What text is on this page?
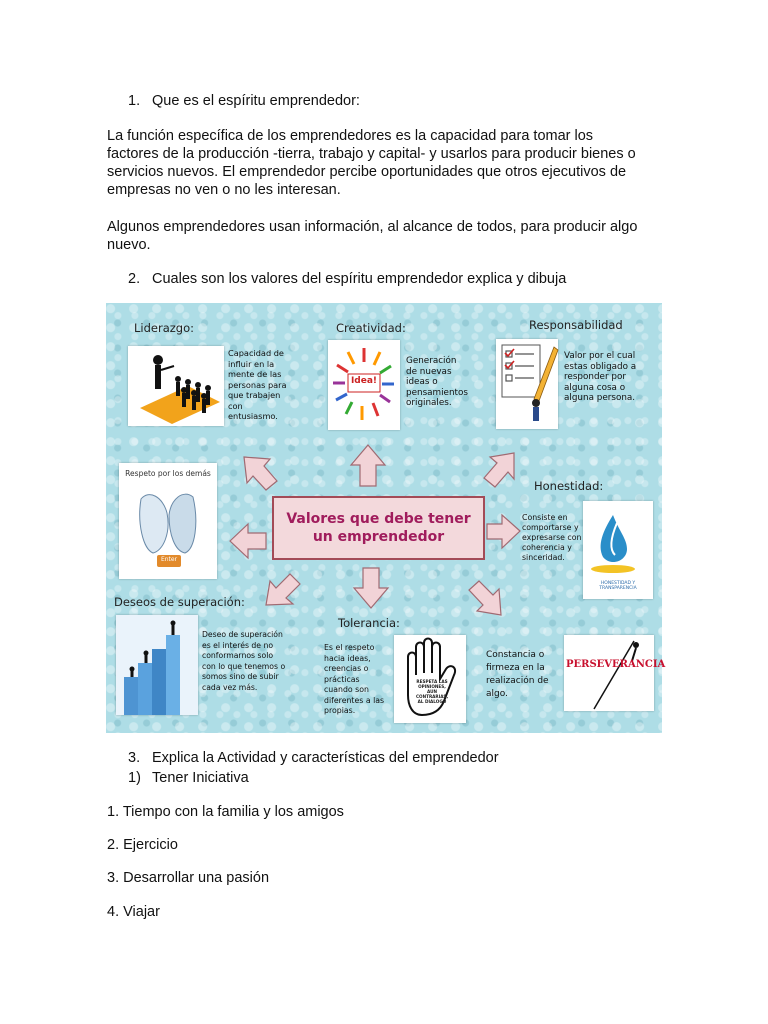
1. Que es el espíritu emprendedor:
La función específica de los emprendedores es la capacidad para tomar los
factores de la producción -tierra, trabajo y capital- y usarlos para producir bienes o
servicios nuevos. El emprendedor percibe oportunidades que otros ejecutivos de
empresas no ven o no les interesan.
Algunos emprendedores usan información, al alcance de todos, para producir algo
nuevo.
2. Cuales son los valores del espíritu emprendedor explica y dibuja
Valores que debe tener
un emprendedor
Liderazgo:
Capacidad de influir en la mente de las personas para que trabajen con entusiasmo.
Creatividad:
Idea!
Generación de nuevas ideas o pensamientos originales.
Responsabilidad
Valor por el cual estas obligado a responder por alguna cosa o alguna persona.
Respeto por los demás
Enter
Honestidad:
Consiste en comportarse y expresarse con coherencia y sinceridad.
HONESTIDAD Y TRANSPARENCIA
Deseos de superación:
Deseo de superación es el interés de no conformarnos solo con lo que tenemos o somos sino de subir cada vez más.
Tolerancia:
Es el respeto hacia ideas, creencias o prácticas cuando son diferentes a las propias.
RESPETA LAS OPINIONES, AUN CONTRARIAS, AL DIALOGO
Constancia o firmeza en la realización de algo.
PERSEVERANCIA
3. Explica la Actividad y características del emprendedor
1) Tener Iniciativa
1. Tiempo con la familia y los amigos
2. Ejercicio
3. Desarrollar una pasión
4. Viajar
